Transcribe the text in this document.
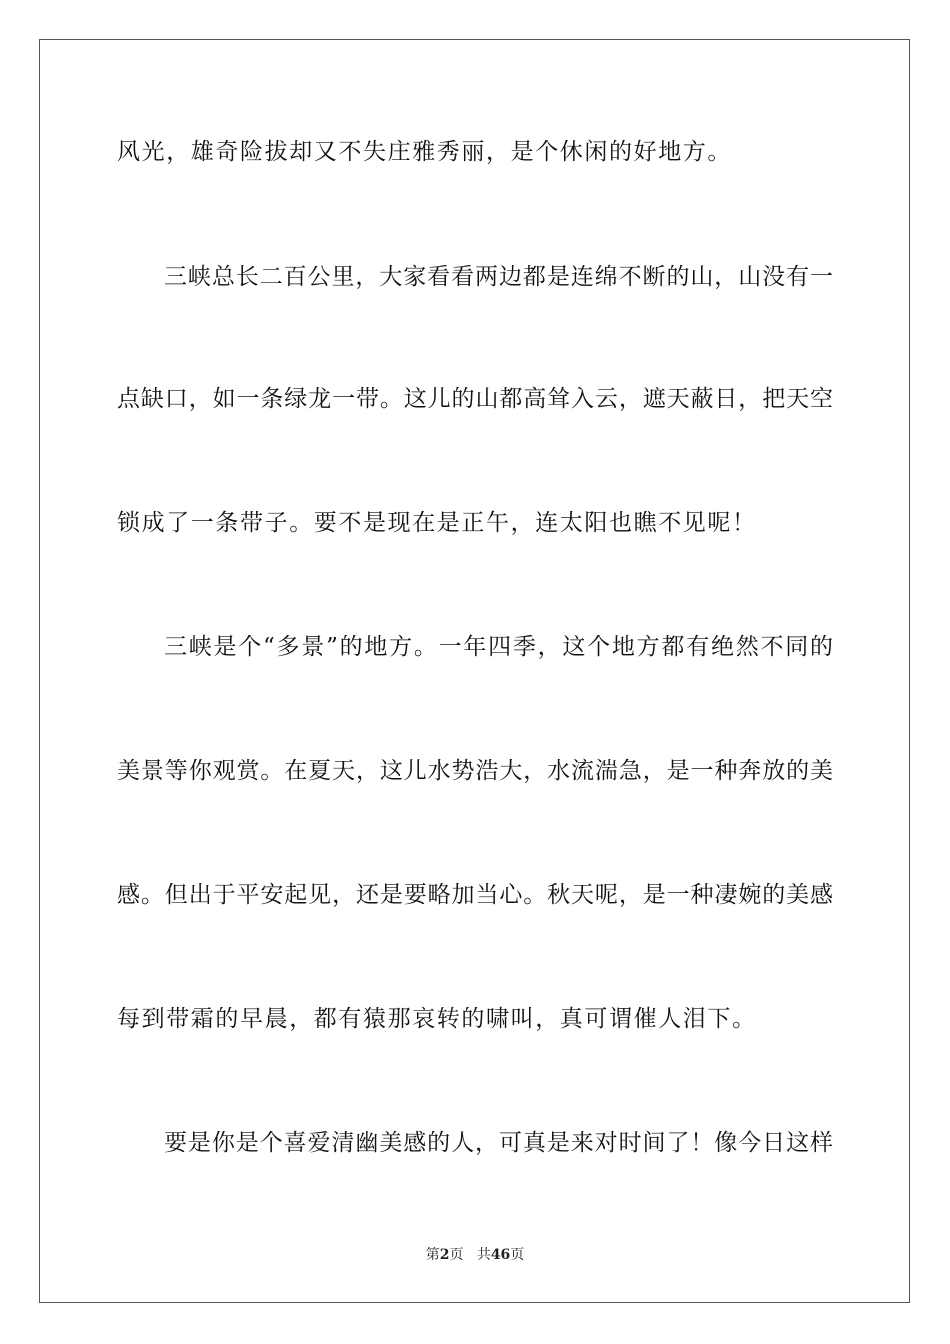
风光，雄奇险拔却又不失庄雅秀丽，是个休闲的好地方。
三峡总长二百公里，大家看看两边都是连绵不断的山，山没有一
点缺口，如一条绿龙一带。这儿的山都高耸入云，遮天蔽日，把天空
锁成了一条带子。要不是现在是正午，连太阳也瞧不见呢！
三峡是个“多景”的地方。一年四季，这个地方都有绝然不同的
美景等你观赏。在夏天，这儿水势浩大，水流湍急，是一种奔放的美
感。但出于平安起见，还是要略加当心。秋天呢，是一种凄婉的美感
每到带霜的早晨，都有猿那哀转的啸叫，真可谓催人泪下。
要是你是个喜爱清幽美感的人，可真是来对时间了！像今日这样
第2页 共46页
